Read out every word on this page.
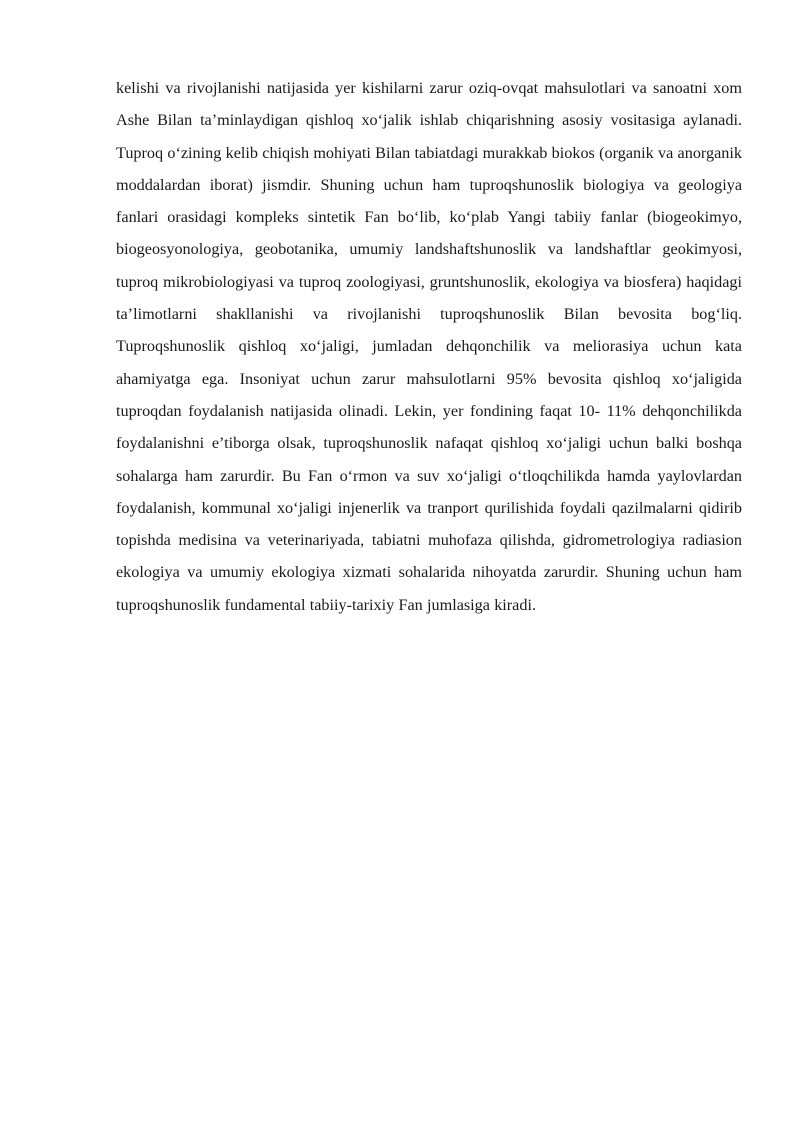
kelishi va rivojlanishi natijasida yer kishilarni zarur oziq-ovqat mahsulotlari va sanoatni xom Ashe Bilan ta’minlaydigan qishloq xo‘jalik ishlab chiqarishning asosiy vositasiga aylanadi. Tuproq o‘zining kelib chiqish mohiyati Bilan tabiatdagi murakkab biokos (organik va anorganik moddalardan iborat) jismdir. Shuning uchun ham tuproqshunoslik biologiya va geologiya fanlari orasidagi kompleks sintetik Fan bo‘lib, ko‘plab Yangi tabiiy fanlar (biogeokimyo, biogeosyonologiya, geobotanika, umumiy landshaftshunoslik va landshaftlar geokimyosi, tuproq mikrobiologiyasi va tuproq zoologiyasi, gruntshunoslik, ekologiya va biosfera) haqidagi ta’limotlarni shakllanishi va rivojlanishi tuproqshunoslik Bilan bevosita bog‘liq. Tuproqshunoslik qishloq xo‘jaligi, jumladan dehqonchilik va meliorasiya uchun kata ahamiyatga ega. Insoniyat uchun zarur mahsulotlarni 95% bevosita qishloq xo‘jaligida tuproqdan foydalanish natijasida olinadi. Lekin, yer fondining faqat 10- 11% dehqonchilikda foydalanishni e’tiborga olsak, tuproqshunoslik nafaqat qishloq xo‘jaligi uchun balki boshqa sohalarga ham zarurdir. Bu Fan o‘rmon va suv xo‘jaligi o‘tloqchilikda hamda yaylovlardan foydalanish, kommunal xo‘jaligi injenerlik va tranport qurilishida foydali qazilmalarni qidirib topishda medisina va veterinariyada, tabiatni muhofaza qilishda, gidrometrologiya radiasion ekologiya va umumiy ekologiya xizmati sohalarida nihoyatda zarurdir. Shuning uchun ham tuproqshunoslik fundamental tabiiy-tarixiy Fan jumlasiga kiradi.
